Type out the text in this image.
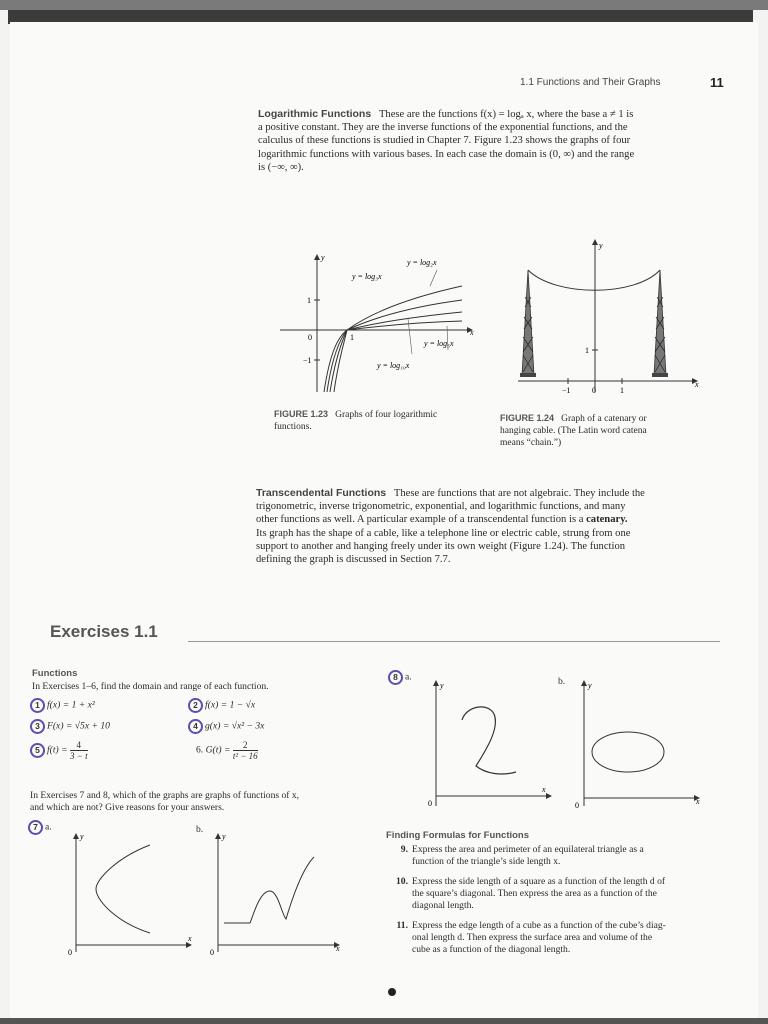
1.1 Functions and Their Graphs	11
Logarithmic Functions These are the functions f(x) = logₐ x, where the base a ≠ 1 is
a positive constant. They are the inverse functions of the exponential functions, and the
calculus of these functions is studied in Chapter 7. Figure 1.23 shows the graphs of four
logarithmic functions with various bases. In each case the domain is (0, ∞) and the range
is (−∞, ∞).
y = log₂x
y = log₃x
y = log₅x
y = log₁₀x
x
y
1
0
−1
1
FIGURE 1.23 Graphs of four logarithmic
functions.
x
y
−1	0	1
1
FIGURE 1.24 Graph of a catenary or
hanging cable. (The Latin word catena
means “chain.”)
Transcendental Functions These are functions that are not algebraic. They include the
trigonometric, inverse trigonometric, exponential, and logarithmic functions, and many
other functions as well. A particular example of a transcendental function is a catenary.
Its graph has the shape of a cable, like a telephone line or electric cable, strung from one
support to another and hanging freely under its own weight (Figure 1.24). The function
defining the graph is discussed in Section 7.7.
Exercises 1.1
Functions
In Exercises 1–6, find the domain and range of each function.
1 f(x) = 1 + x²	2 f(x) = 1 − √x
3 F(x) = √5x + 10	4 g(x) = √x² − 3x
5 $f(t) = \frac{4}{3 - t}$	6. $G(t) = \frac{2}{\text{t² − 16}}$
In Exercises 7 and 8, which of the graphs are graphs of functions of x,
and which are not? Give reasons for your answers.
7 a.	b.
y
x
0
y
x
0
8 a.	b.
y
x
0
y
x
0
Finding Formulas for Functions
9. Express the area and perimeter of an equilateral triangle as a
function of the triangle’s side length x.
10. Express the side length of a square as a function of the length d of
the square’s diagonal. Then express the area as a function of the
diagonal length.
11. Express the edge length of a cube as a function of the cube’s diag-
onal length d. Then express the surface area and volume of the
cube as a function of the diagonal length.
